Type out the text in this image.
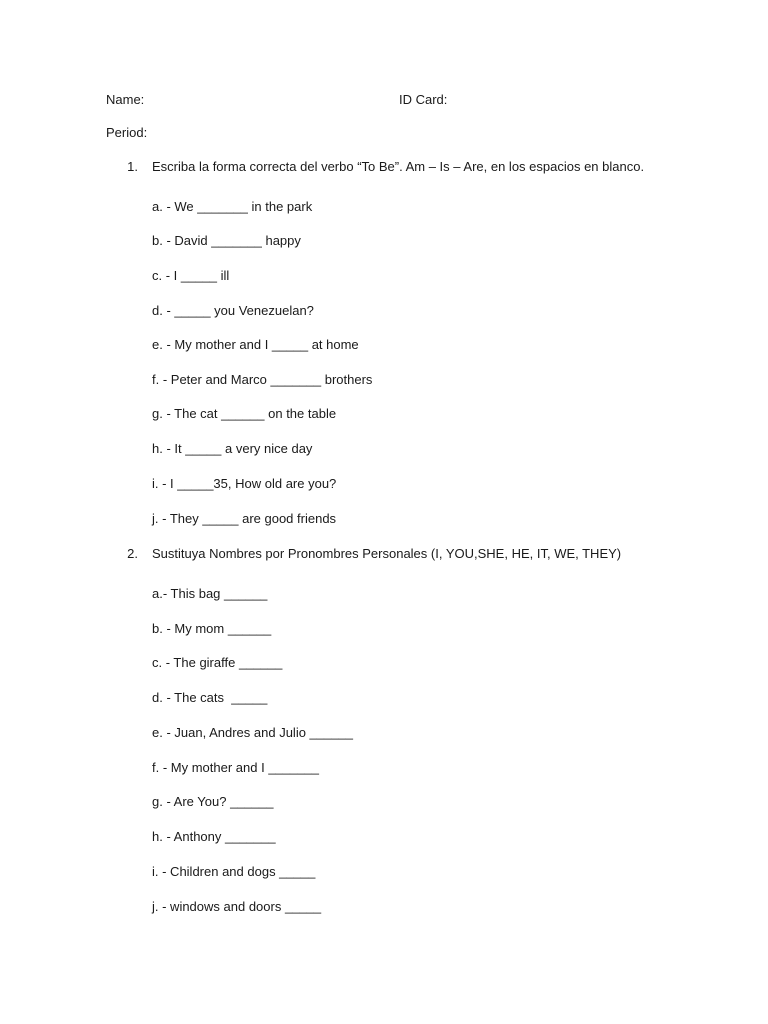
Name:	ID Card:
Period:
1. Escriba la forma correcta del verbo “To Be”. Am – Is – Are, en los espacios en blanco.
a. - We _______ in the park
b. - David _______ happy
c. - I _____ ill
d. - _____ you Venezuelan?
e. - My mother and I _____ at home
f. - Peter and Marco _______ brothers
g. - The cat ______ on the table
h. - It _____ a very nice day
i. - I _____35, How old are you?
j. - They _____ are good friends
2. Sustituya Nombres por Pronombres Personales (I, YOU,SHE, HE, IT, WE, THEY)
a.- This bag ______
b. - My mom ______
c. - The giraffe ______
d. - The cats  _____
e. - Juan, Andres and Julio ______
f. - My mother and I _______
g. - Are You? ______
h. - Anthony _______
i. - Children and dogs _____
j. - windows and doors _____
